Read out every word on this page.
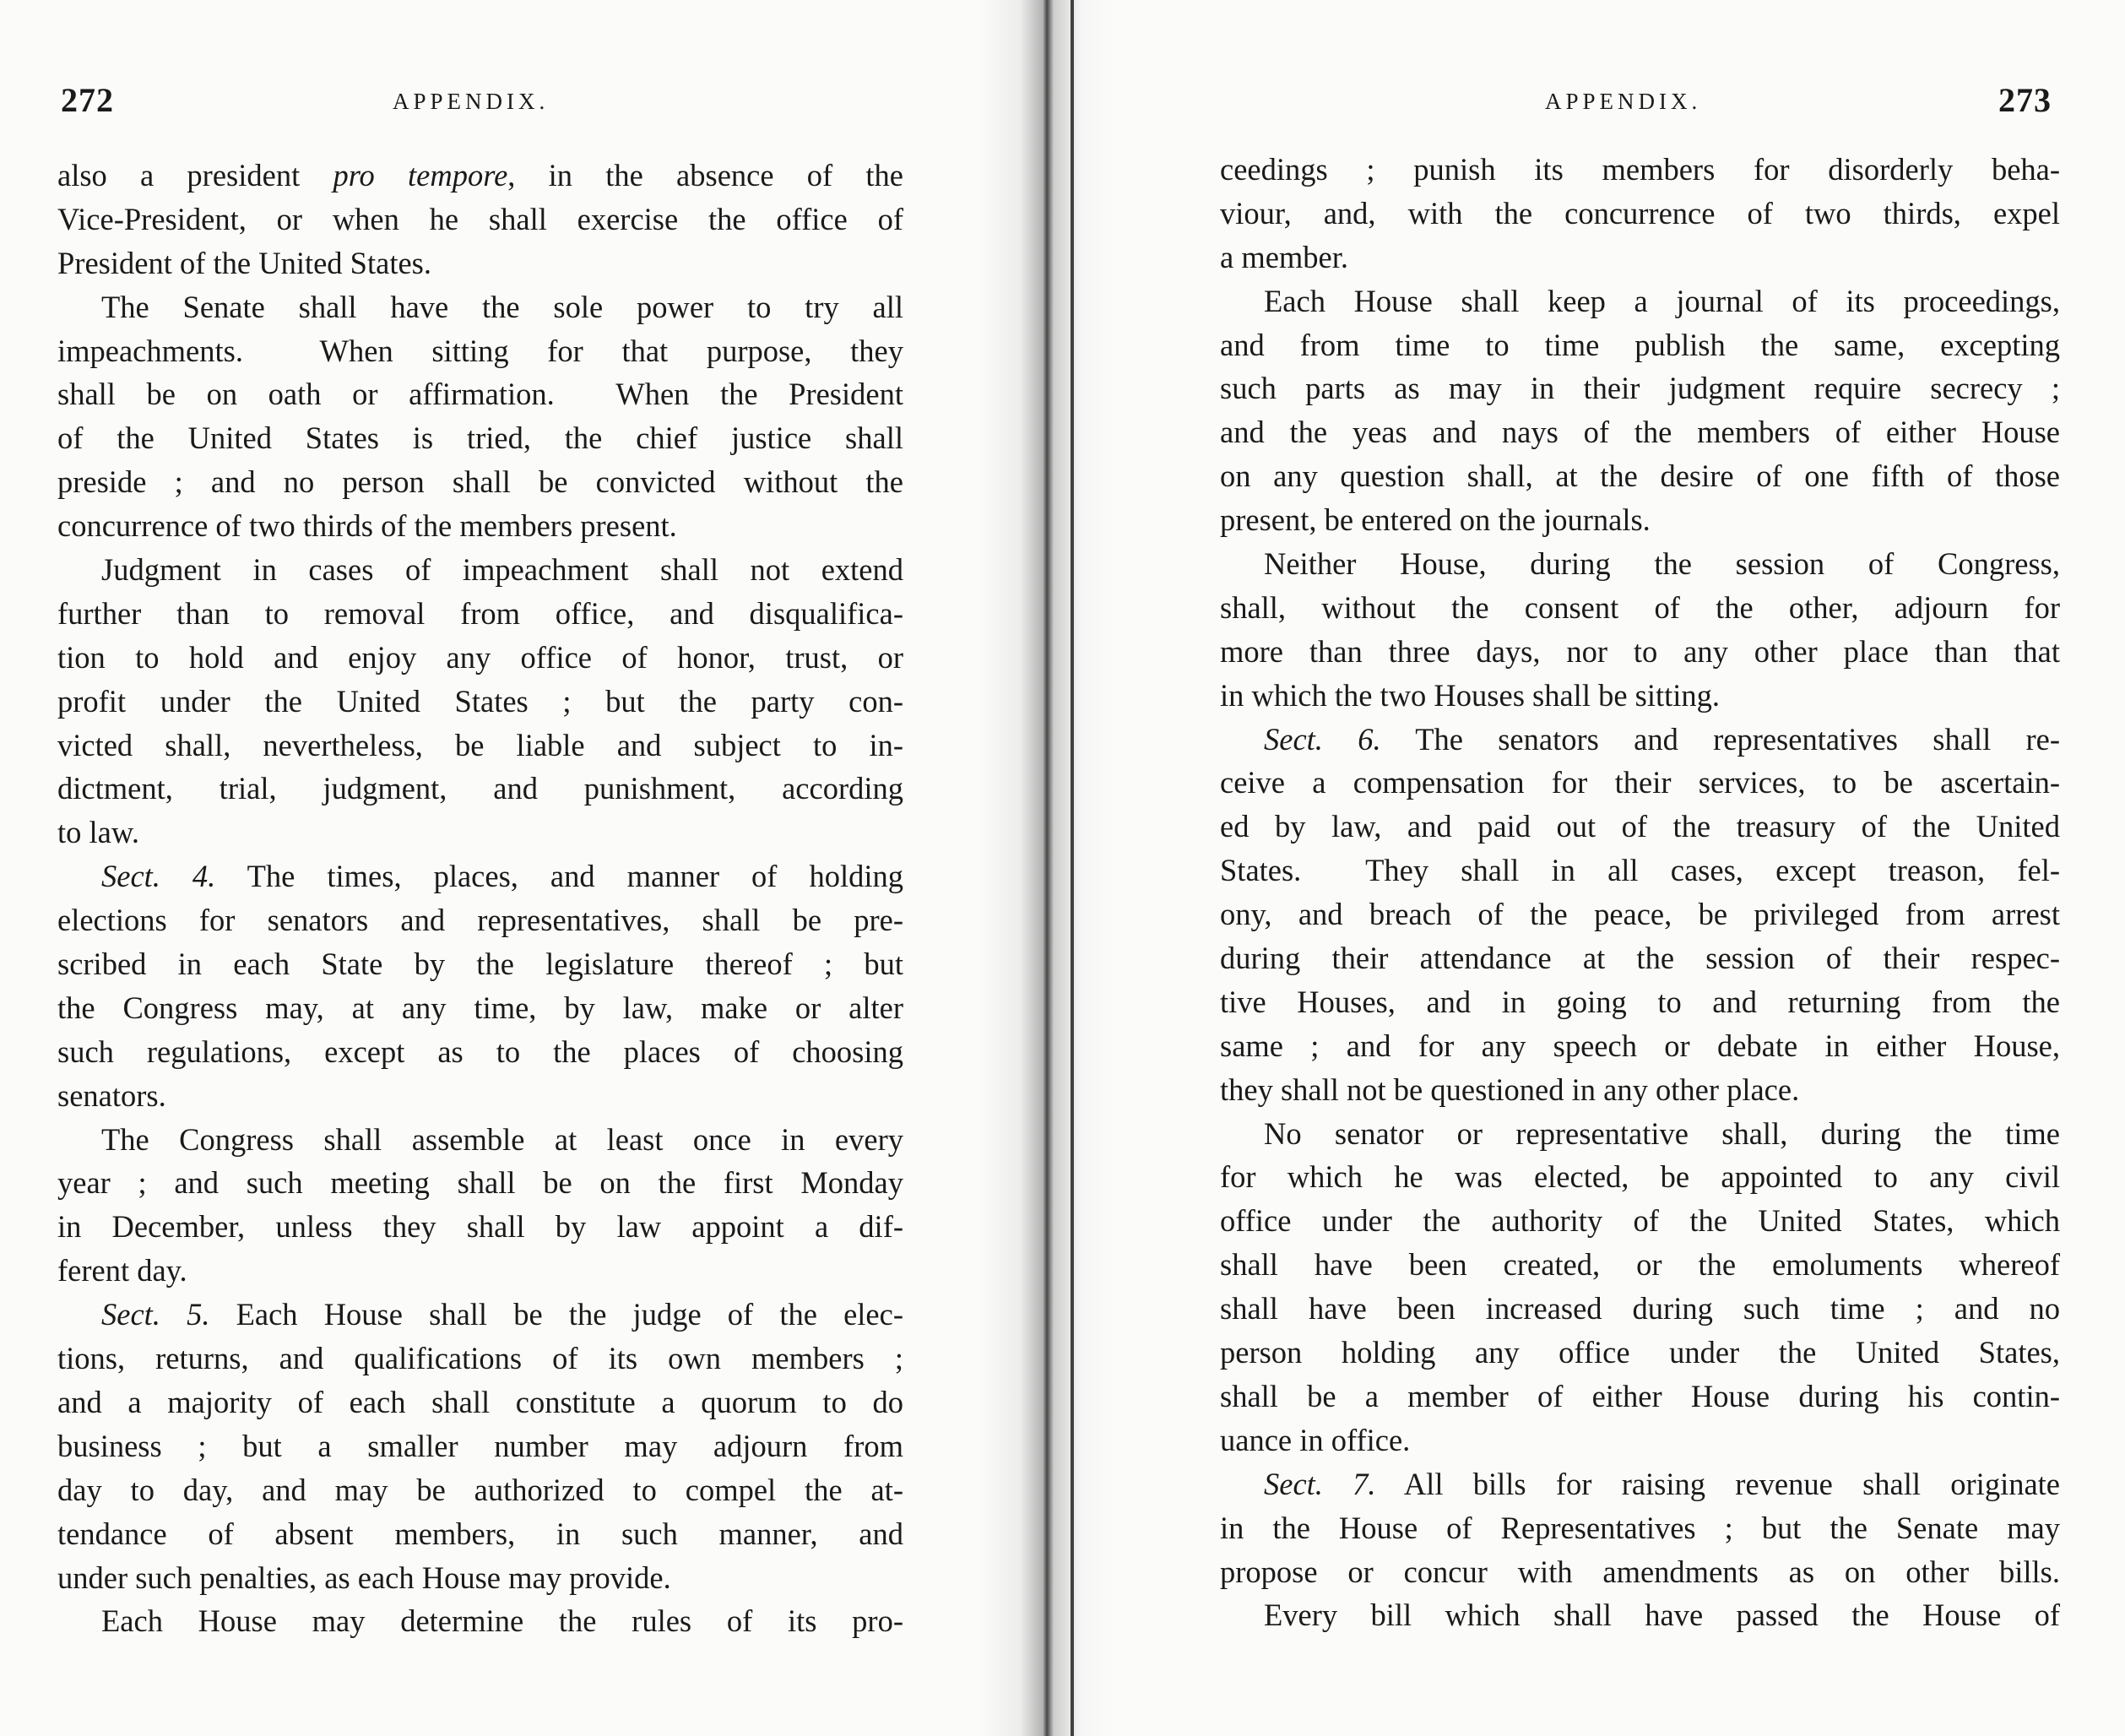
272	APPENDIX.
also a president pro tempore, in the absence of the
Vice-President, or when he shall exercise the office of
President of the United States.
The Senate shall have the sole power to try all
impeachments.  When sitting for that purpose, they
shall be on oath or affirmation.  When the President
of the United States is tried, the chief justice shall
preside ; and no person shall be convicted without the
concurrence of two thirds of the members present.
Judgment in cases of impeachment shall not extend
further than to removal from office, and disqualifica-
tion to hold and enjoy any office of honor, trust, or
profit under the United States ; but the party con-
victed shall, nevertheless, be liable and subject to in-
dictment, trial, judgment, and punishment, according
to law.
Sect. 4. The times, places, and manner of holding
elections for senators and representatives, shall be pre-
scribed in each State by the legislature thereof ; but
the Congress may, at any time, by law, make or alter
such regulations, except as to the places of choosing
senators.
The Congress shall assemble at least once in every
year ; and such meeting shall be on the first Monday
in December, unless they shall by law appoint a dif-
ferent day.
Sect. 5. Each House shall be the judge of the elec-
tions, returns, and qualifications of its own members ;
and a majority of each shall constitute a quorum to do
business ; but a smaller number may adjourn from
day to day, and may be authorized to compel the at-
tendance of absent members, in such manner, and
under such penalties, as each House may provide.
Each House may determine the rules of its pro-
APPENDIX.	273
ceedings ; punish its members for disorderly beha-
viour, and, with the concurrence of two thirds, expel
a member.
Each House shall keep a journal of its proceedings,
and from time to time publish the same, excepting
such parts as may in their judgment require secrecy ;
and the yeas and nays of the members of either House
on any question shall, at the desire of one fifth of those
present, be entered on the journals.
Neither House, during the session of Congress,
shall, without the consent of the other, adjourn for
more than three days, nor to any other place than that
in which the two Houses shall be sitting.
Sect. 6. The senators and representatives shall re-
ceive a compensation for their services, to be ascertain-
ed by law, and paid out of the treasury of the United
States.  They shall in all cases, except treason, fel-
ony, and breach of the peace, be privileged from arrest
during their attendance at the session of their respec-
tive Houses, and in going to and returning from the
same ; and for any speech or debate in either House,
they shall not be questioned in any other place.
No senator or representative shall, during the time
for which he was elected, be appointed to any civil
office under the authority of the United States, which
shall have been created, or the emoluments whereof
shall have been increased during such time ; and no
person holding any office under the United States,
shall be a member of either House during his contin-
uance in office.
Sect. 7. All bills for raising revenue shall originate
in the House of Representatives ; but the Senate may
propose or concur with amendments as on other bills.
Every bill which shall have passed the House of
